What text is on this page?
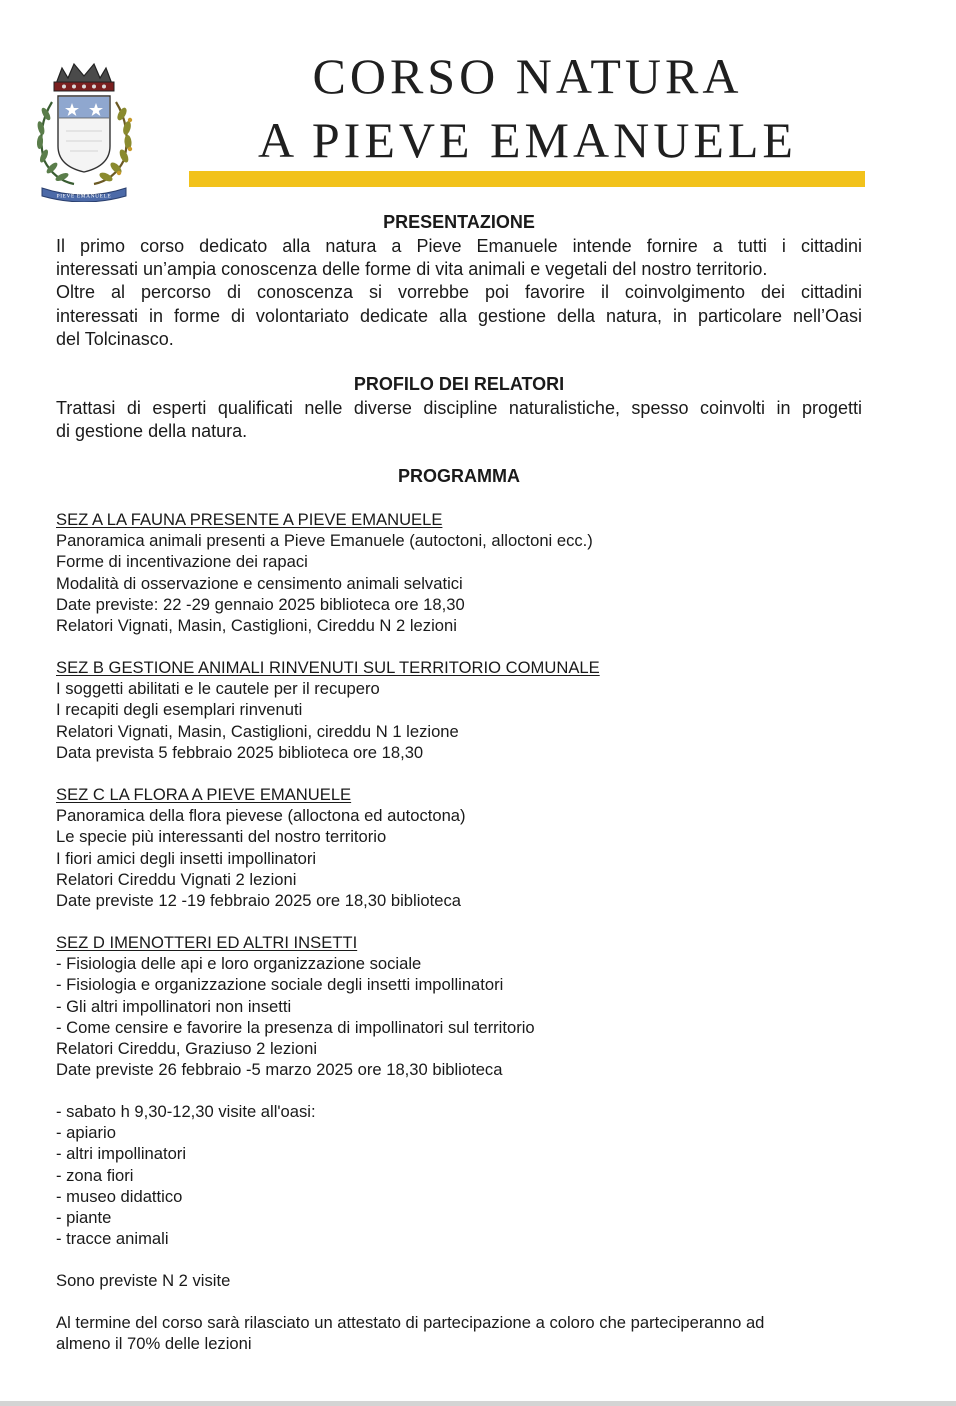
PIEVE EMANUELE
CORSO NATURA
A PIEVE EMANUELE
PRESENTAZIONE
Il primo corso dedicato alla natura a Pieve Emanuele intende fornire a tutti i cittadini
interessati un’ampia conoscenza delle forme di vita animali e vegetali del nostro territorio.
Oltre al percorso di conoscenza si vorrebbe poi favorire il coinvolgimento dei cittadini
interessati in forme di volontariato dedicate alla gestione della natura, in particolare nell’Oasi
del Tolcinasco.
PROFILO DEI RELATORI
Trattasi di esperti qualificati nelle diverse discipline naturalistiche, spesso coinvolti in progetti
di gestione della natura.
PROGRAMMA
SEZ A LA FAUNA PRESENTE A PIEVE EMANUELE
Panoramica animali presenti a Pieve Emanuele (autoctoni, alloctoni ecc.)
Forme di incentivazione dei rapaci
Modalità di osservazione e censimento animali selvatici
Date previste: 22 -29 gennaio 2025 biblioteca ore 18,30
Relatori Vignati, Masin, Castiglioni, Cireddu N 2 lezioni
SEZ B GESTIONE ANIMALI RINVENUTI SUL TERRITORIO COMUNALE
I soggetti abilitati e le cautele per il recupero
I recapiti degli esemplari rinvenuti
Relatori Vignati, Masin, Castiglioni, cireddu N 1 lezione
Data prevista 5 febbraio 2025 biblioteca ore 18,30
SEZ C LA FLORA A PIEVE EMANUELE
Panoramica della flora pievese (alloctona ed autoctona)
Le specie più interessanti del nostro territorio
I fiori amici degli insetti impollinatori
Relatori Cireddu Vignati 2 lezioni
Date previste 12 -19 febbraio 2025 ore 18,30 biblioteca
SEZ D IMENOTTERI ED ALTRI INSETTI
- Fisiologia delle api e loro organizzazione sociale
- Fisiologia e organizzazione sociale degli insetti impollinatori
- Gli altri impollinatori non insetti
- Come censire e favorire la presenza di impollinatori sul territorio
Relatori Cireddu, Graziuso 2 lezioni
Date previste 26 febbraio -5 marzo 2025 ore 18,30 biblioteca
- sabato h 9,30-12,30 visite all'oasi:
- apiario
- altri impollinatori
- zona fiori
- museo didattico
- piante
- tracce animali
Sono previste N 2 visite
Al termine del corso sarà rilasciato un attestato di partecipazione a coloro che parteciperanno ad
almeno il 70% delle lezioni
